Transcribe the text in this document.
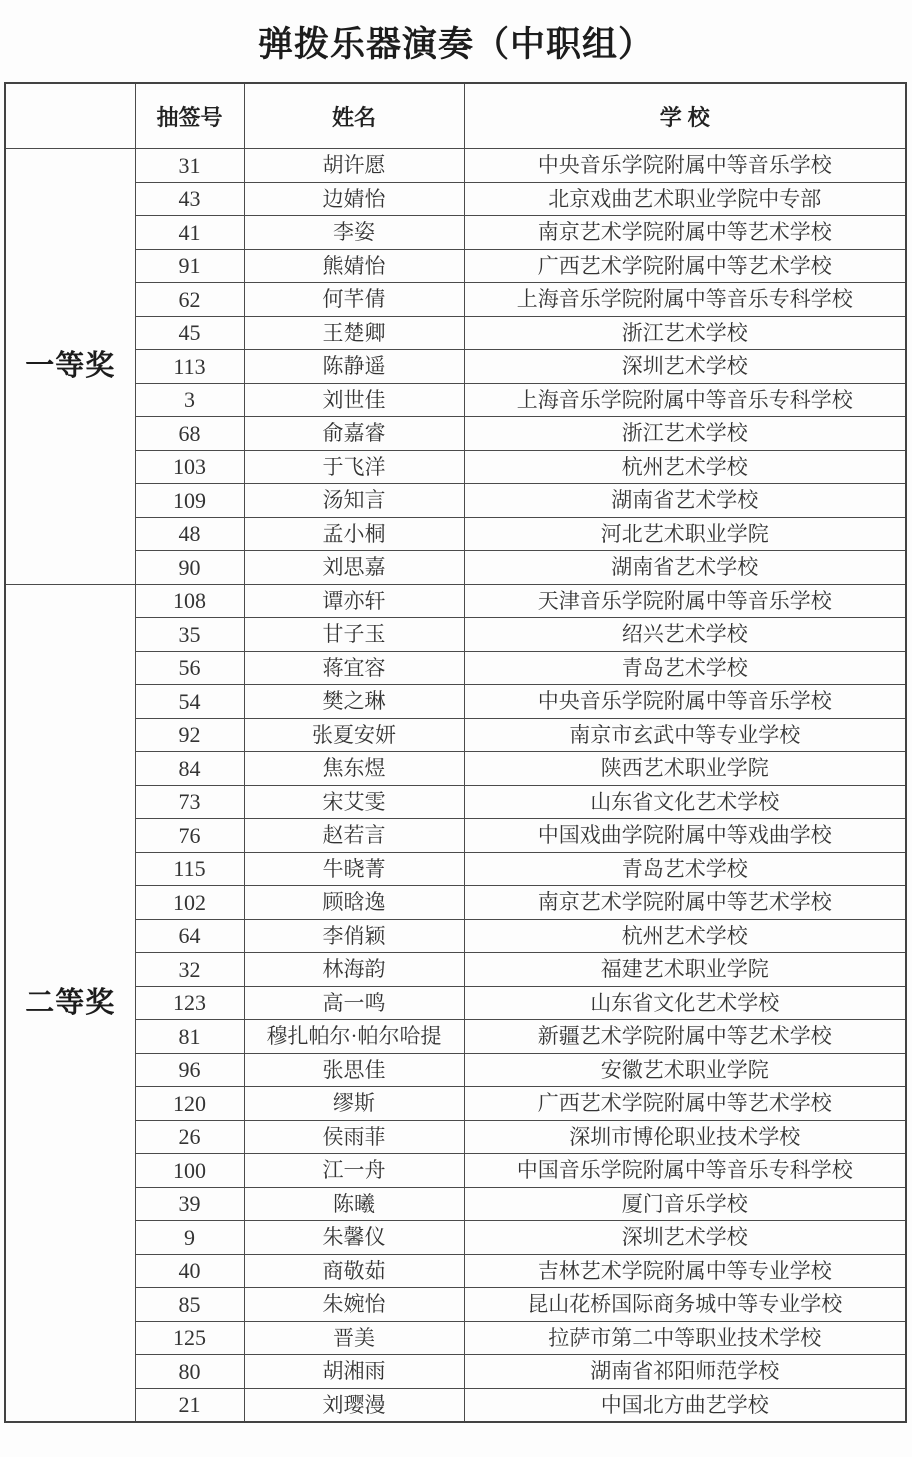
弹拨乐器演奏（中职组）
	抽签号	姓名	学 校
一等奖	31	胡许愿	中央音乐学院附属中等音乐学校
	43	边婧怡	北京戏曲艺术职业学院中专部
	41	李姿	南京艺术学院附属中等艺术学校
	91	熊婧怡	广西艺术学院附属中等艺术学校
	62	何芊倩	上海音乐学院附属中等音乐专科学校
	45	王楚卿	浙江艺术学校
	113	陈静遥	深圳艺术学校
	3	刘世佳	上海音乐学院附属中等音乐专科学校
	68	俞嘉睿	浙江艺术学校
	103	于飞洋	杭州艺术学校
	109	汤知言	湖南省艺术学校
	48	孟小桐	河北艺术职业学院
	90	刘思嘉	湖南省艺术学校
二等奖	108	谭亦轩	天津音乐学院附属中等音乐学校
	35	甘子玉	绍兴艺术学校
	56	蒋宜容	青岛艺术学校
	54	樊之琳	中央音乐学院附属中等音乐学校
	92	张夏安妍	南京市玄武中等专业学校
	84	焦东煜	陕西艺术职业学院
	73	宋艾雯	山东省文化艺术学校
	76	赵若言	中国戏曲学院附属中等戏曲学校
	115	牛晓菁	青岛艺术学校
	102	顾晗逸	南京艺术学院附属中等艺术学校
	64	李俏颖	杭州艺术学校
	32	林海韵	福建艺术职业学院
	123	高一鸣	山东省文化艺术学校
	81	穆扎帕尔·帕尔哈提	新疆艺术学院附属中等艺术学校
	96	张思佳	安徽艺术职业学院
	120	缪斯	广西艺术学院附属中等艺术学校
	26	侯雨菲	深圳市博伦职业技术学校
	100	江一舟	中国音乐学院附属中等音乐专科学校
	39	陈曦	厦门音乐学校
	9	朱馨仪	深圳艺术学校
	40	商敬茹	吉林艺术学院附属中等专业学校
	85	朱婉怡	昆山花桥国际商务城中等专业学校
	125	晋美	拉萨市第二中等职业技术学校
	80	胡湘雨	湖南省祁阳师范学校
	21	刘璎漫	中国北方曲艺学校
